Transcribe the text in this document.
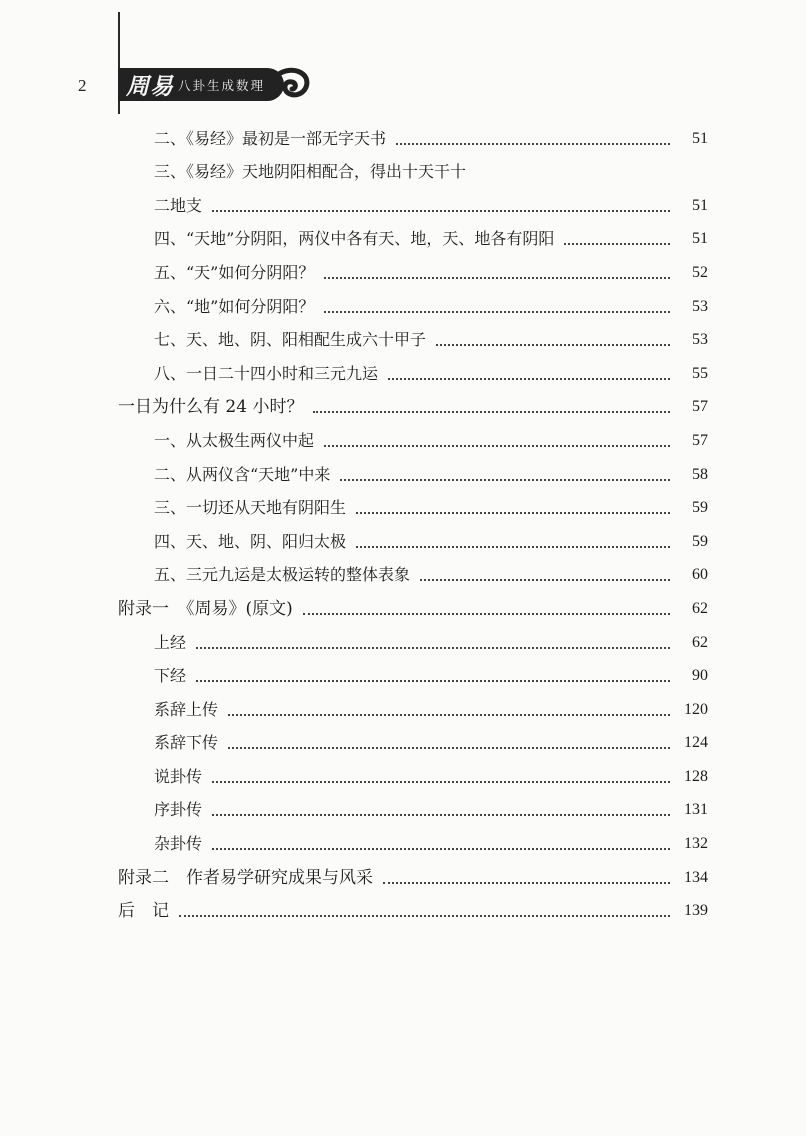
2 周易 八卦生成数理
二、《易经》最初是一部无字天书	51
三、《易经》天地阴阳相配合，得出十天干十
二地支	51
四、“天地”分阴阳，两仪中各有天、地，天、地各有阴阳	51
五、“天”如何分阴阳？	52
六、“地”如何分阴阳？	53
七、天、地、阴、阳相配生成六十甲子	53
八、一日二十四小时和三元九运	55
一日为什么有 24 小时？	57
一、从太极生两仪中起	57
二、从两仪含“天地”中来	58
三、一切还从天地有阴阳生	59
四、天、地、阴、阳归太极	59
五、三元九运是太极运转的整体表象	60
附录一　《周易》(原文)	62
上经	62
下经	90
系辞上传	120
系辞下传	124
说卦传	128
序卦传	131
杂卦传	132
附录二　作者易学研究成果与风采	134
后　记	139
